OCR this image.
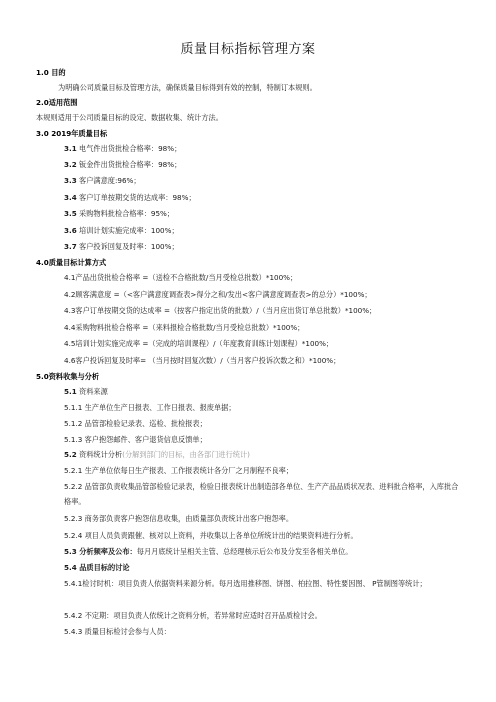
质量目标指标管理方案
1.0 目的
为明确公司质量目标及管理方法，确保质量目标得到有效的控制，特制订本规则。
2.0适用范围
本规则适用于公司质量目标的设定、数据收集、统计方法。
3.0 2019年质量目标
3.1 电气件出货批检合格率：98%；
3.2 钣金件出货批检合格率：98%；
3.3 客户满意度:96%；
3.4 客户订单按期交货的达成率：98%；
3.5 采购物料批检合格率：95%；
3.6 培训计划实施完成率：100%；
3.7 客户投诉回复及时率：100%；
4.0质量目标计算方式
4.1产品出货批检合格率 =（送检不合格批数/当月受检总批数）*100%；
4.2顾客满意度 =（<客户满意度调查表>得分之和/发出<客户满意度调查表>的总分）*100%；
4.3客户订单按期交货的达成率 =（按客户指定出货的批数）/（当月应出货订单总批数）*100%；
4.4采购物料批检合格率 =（来料报检合格批数/当月受检总批数）*100%；
4.5培训计划实施完成率 =（完成的培训课程）/（年度教育训练计划课程）*100%；
4.6客户投诉回复及时率= （当月按时回复次数）/（当月客户投诉次数之和）*100%；
5.0资料收集与分析
5.1 资料来源
5.1.1 生产单位生产日报表、工作日报表、报废单据；
5.1.2 品管部检验记录表、巡检、批检报表；
5.1.3 客户抱怨邮件、客户退货信息反馈单；
5.2 资料统计分析(分解到部门的目标，由各部门进行统计)
5.2.1 生产单位依每日生产报表、工作报表统计各分厂之月制程不良率；
5.2.2 品管部负责收集品管部检验记录表，检验日报表统计出制造部各单位、生产产品品质状况表、进料批合格率，入库批合格率。
5.2.3 商务部负责客户抱怨信息收集，由质量部负责统计出客户抱怨率。
5.2.4 项目人员负责跟催、核对以上资料，并收集以上各单位所统计出的结果资料进行分析。
5.3 分析频率及公布：每月月底统计呈相关主管、总经理核示后公布及分发至各相关单位。
5.4 品质目标的讨论
5.4.1检讨时机：项目负责人依据资料来源分析。每月选用推移图、饼图、柏拉图、特性要因图、 P管制图等统计；
5.4.2 不定期：项目负责人依统计之资料分析，若异常时应适时召开品质检讨会。
5.4.3 质量目标检讨会参与人员：
